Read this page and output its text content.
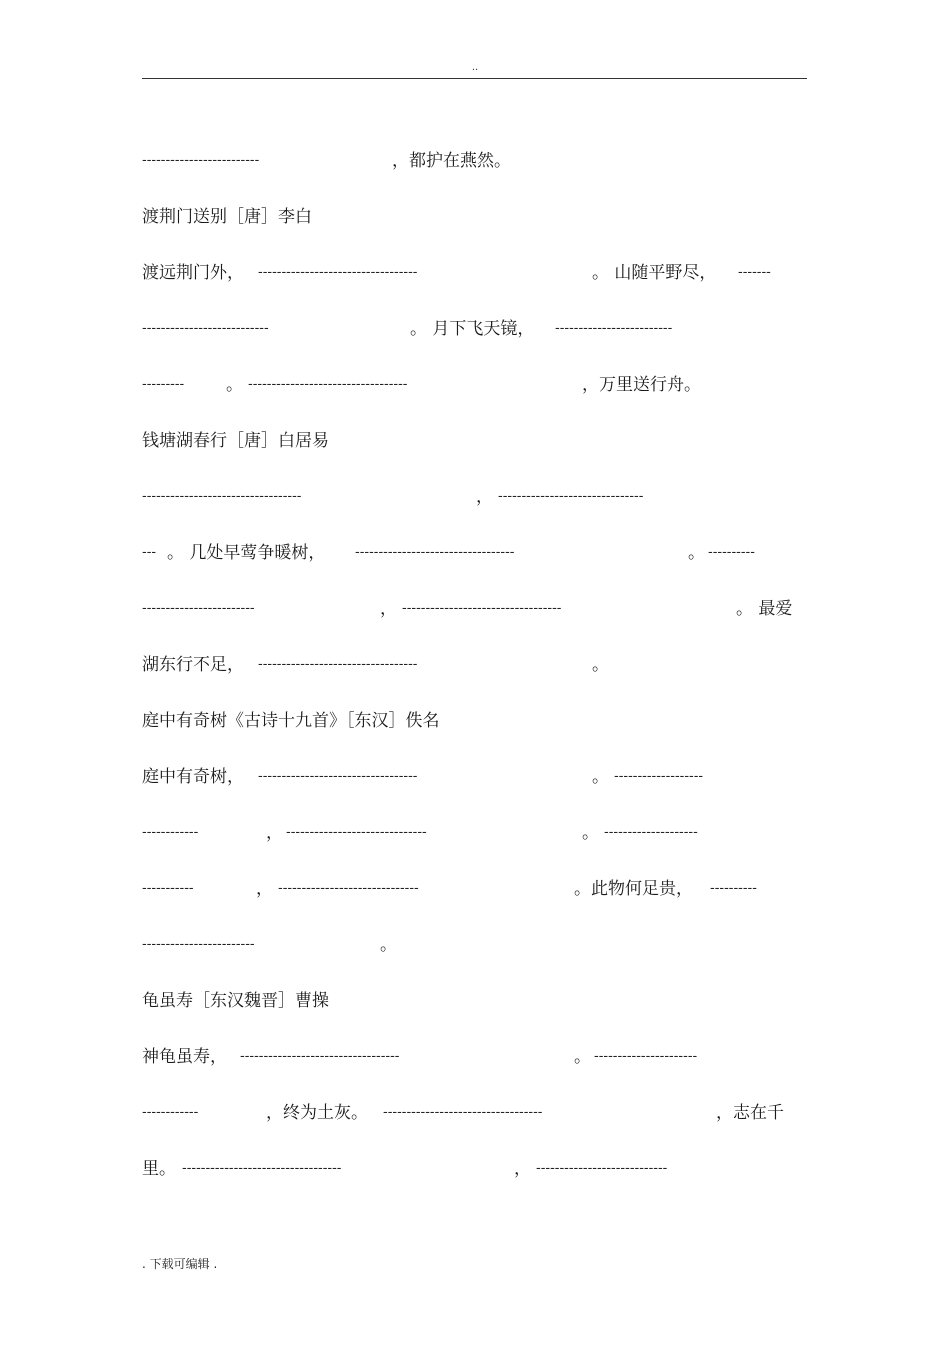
..
-------------------------	，都护在燕然。
渡荆门送别［唐］李白
渡远荆门外， ----------------------------------	。 山随平野尽， -------
---------------------------	。 月下飞天镜， -------------------------
--------- 。 ----------------------------------	，万里送行舟。
钱塘湖春行［唐］白居易
----------------------------------	， -------------------------------
--- 。 几处早莺争暖树， ----------------------------------	。 ----------
------------------------	， ----------------------------------	。 最爱
湖东行不足， ----------------------------------	。
庭中有奇树《古诗十九首》［东汉］佚名
庭中有奇树， ----------------------------------	。 -------------------
------------	， ------------------------------	。 --------------------
-----------	， ------------------------------	。此物何足贵， ----------
------------------------	。
龟虽寿［东汉魏晋］曹操
神龟虽寿， ----------------------------------	。 ----------------------
------------	，终为土灰。 ----------------------------------	，志在千
里。 ----------------------------------	， ----------------------------
. 下载可编辑 .
